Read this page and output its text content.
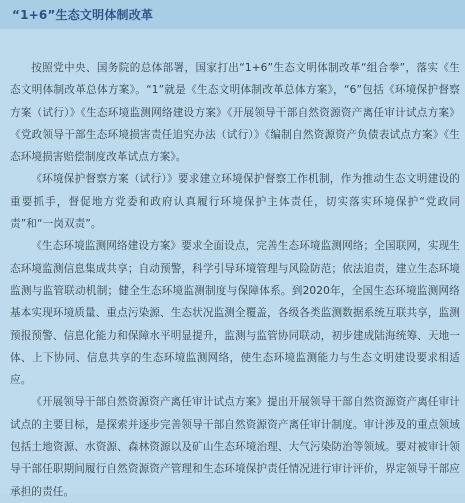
“1+6”生态文明体制改革

按照党中央、国务院的总体部署，国家打出“1+6”生态文明体制改革“组合拳”，落实《生态文明体制改革总体方案》。“1”就是《生态文明体制改革总体方案》，“6”包括《环境保护督察方案（试行）》《生态环境监测网络建设方案》《开展领导干部自然资源资产离任审计试点方案》《党政领导干部生态环境损害责任追究办法（试行）》《编制自然资源资产负债表试点方案》《生态环境损害赔偿制度改革试点方案》。

《环境保护督察方案（试行）》要求建立环境保护督察工作机制，作为推动生态文明建设的重要抓手，督促地方党委和政府认真履行环境保护主体责任，切实落实环境保护“党政同责”和“一岗双责”。

《生态环境监测网络建设方案》要求全面设点，完善生态环境监测网络；全国联网，实现生态环境监测信息集成共享；自动预警，科学引导环境管理与风险防范；依法追责，建立生态环境监测与监管联动机制；健全生态环境监测制度与保障体系。到2020年，全国生态环境监测网络基本实现环境质量、重点污染源、生态状况监测全覆盖，各级各类监测数据系统互联共享，监测预报预警、信息化能力和保障水平明显提升，监测与监管协同联动，初步建成陆海统筹、天地一体、上下协同、信息共享的生态环境监测网络，使生态环境监测能力与生态文明建设要求相适应。

《开展领导干部自然资源资产离任审计试点方案》提出开展领导干部自然资源资产离任审计试点的主要目标，是探索并逐步完善领导干部自然资源资产离任审计制度。审计涉及的重点领域包括土地资源、水资源、森林资源以及矿山生态环境治理、大气污染防治等领域。要对被审计领导干部任职期间履行自然资源资产管理和生态环境保护责任情况进行审计评价，界定领导干部应承担的责任。
